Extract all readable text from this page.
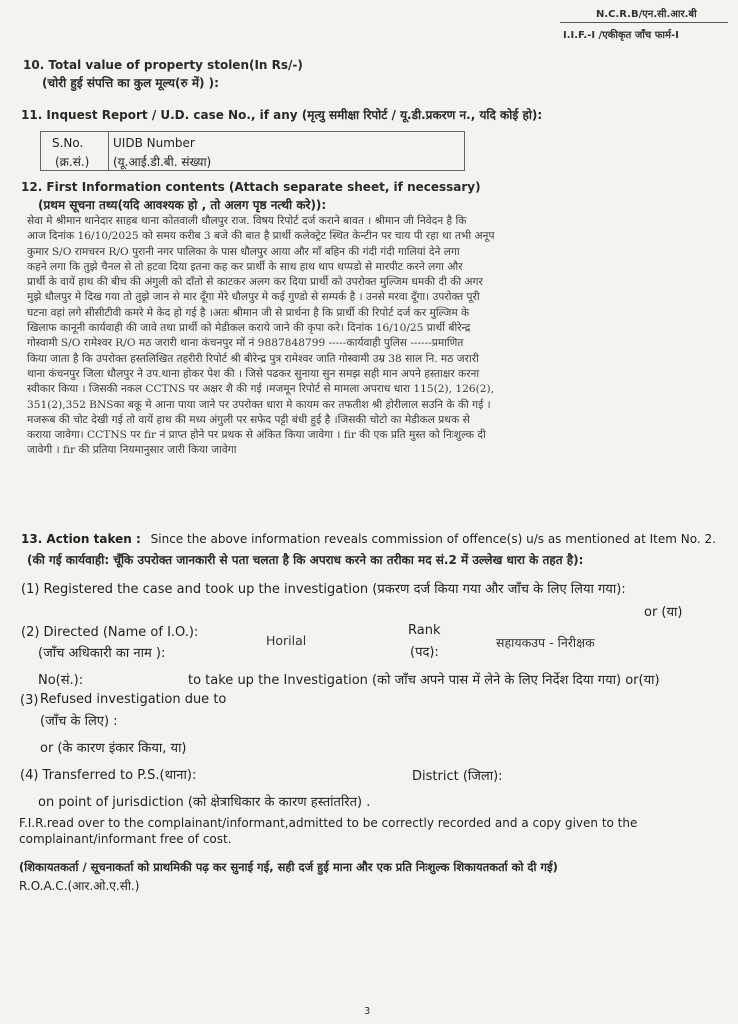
N.C.R.B/एन.सी.आर.बी
I.I.F.-I /एकीकृत जाँच फार्म-I
10. Total value of property stolen(In Rs/-)
(चोरी हुई संपत्ति का कुल मूल्य(रु में) ):
11. Inquest Report / U.D. case No., if any (मृत्यु समीक्षा रिपोर्ट / यू.डी.प्रकरण न., यदि कोई हो):
S.No.
(क्र.सं.)
UIDB Number
(यू.आई.डी.बी. संख्या)
12. First Information contents (Attach separate sheet, if necessary)
(प्रथम सूचना तथ्य(यदि आवश्यक हो , तो अलग पृष्ठ नत्थी करे)):
सेवा मे श्रीमान थानेदार साहब थाना कोतवाली धौलपुर राज. विषय रिपोर्ट दर्ज कराने बावत । श्रीमान जी निवेदन है कि
आज दिनांक 16/10/2025 को समय करीब 3 बजे की बात है प्रार्थी कलेक्ट्रेट स्थित केन्टीन पर चाय पी रहा था तभी अनूप
कुमार S/O रामचरन R/O पुरानी नगर पालिका के पास धौलपुर आया और माँ बहिन की गंदी गंदी गालियां देने लगा
कहने लगा कि तुझे चैनल से तो हटवा दिया इतना कह कर प्रार्थी के साथ हाथ थाप थप्पडो से मारपीट करने लगा और
प्रार्थी के वायें हाथ की बीच की अंगुली को दाँतो से काटकर अलग कर दिया प्रार्थी को उपरोक्त मुल्जिम धमकी दी की अगर
मुझे धौलपुर मे दिख गया तो तुझे जान से मार दूँगा मेरे धौलपुर मे कई गुण्डो से सम्पर्क है । उनसे मरवा दूँगा। उपरोक्त पूरी
घटना वहां लगे सीसीटीवी कमरे मे केद हो गई है ।अतः श्रीमान जी से प्रार्थना है कि प्रार्थी की रिपोर्ट दर्ज कर मुल्जिम के
खिलाफ कानूनी कार्यवाही की जावे तथा प्रार्थी को मेडीकल कराये जाने की कृपा करे। दिनांक 16/10/25 प्रार्थी बीरेन्द्र
गोस्वामी S/O रामेश्वर R/O मठ जरारी थाना कंचनपुर मों नं 9887848799 -----कार्यवाही पुलिस ------प्रमाणित
किया जाता है कि उपरोक्त हस्तलिखित तहरीरी रिपोर्ट श्री बीरेन्द्र पुत्र रामेश्वर जाति गोस्वामी उम्र 38 साल नि. मठ जरारी
थाना कंचनपुर जिला धौलपुर ने उप.थाना होकर पेश की । जिसे पढकर सुनाया सुन समझ सही मान अपने हस्ताक्षर करना
स्वीकार किया । जिसकी नकल CCTNS पर अक्षर शै की गई ।मजमून रिपोर्ट से मामला अपराध धारा 115(2), 126(2),
351(2),352 BNSका बकू मे आना पाया जाने पर उपरोक्त धारा मे कायम कर तफतीश श्री होरीलाल सउनि के की गई ।
मजरूब की चोट देखी गई तो वायें हाथ की मध्य अंगुली पर सफेद पट्टी बंधी हुई है ।जिसकी चोटो का मेडीकल प्रथक से
कराया जावेगा। CCTNS पर fir नं प्राप्त होने पर प्रथक से अंकित किया जावेगा । fir की एक प्रति मुस्त को निःशुल्क दी
जावेगी । fir की प्रतिया नियमानुसार जारी किया जावेगा
13. Action taken : Since the above information reveals commission of offence(s) u/s as mentioned at Item No. 2.
(की गई कार्यवाही: चूँकि उपरोक्त जानकारी से पता चलता है कि अपराध करने का तरीका मद सं.2 में उल्लेख धारा के तहत है):
(1) Registered the case and took up the investigation (प्रकरण दर्ज किया गया और जाँच के लिए लिया गया):
or (या)
(2) Directed (Name of I.O.):
(जाँच अधिकारी का नाम ):
Horilal
Rank
(पद):
सहायकउप - निरीक्षक
No(सं.):	to take up the Investigation (को जाँच अपने पास में लेने के लिए निर्देश दिया गया) or(या)
(3) Refused investigation due to
(जाँच के लिए) :
or (के कारण इंकार किया, या)
(4) Transferred to P.S.(थाना):	District (जिला):
on point of jurisdiction (को क्षेत्राधिकार के कारण हस्तांतरित) .
F.I.R.read over to the complainant/informant,admitted to be correctly recorded and a copy given to the
complainant/informant free of cost.
(शिकायतकर्ता / सूचनाकर्ता को प्राथमिकी पढ़ कर सुनाई गई, सही दर्ज हुई माना और एक प्रति निःशुल्क शिकायतकर्ता को दी गई)
R.O.A.C.(आर.ओ.ए.सी.)
3
